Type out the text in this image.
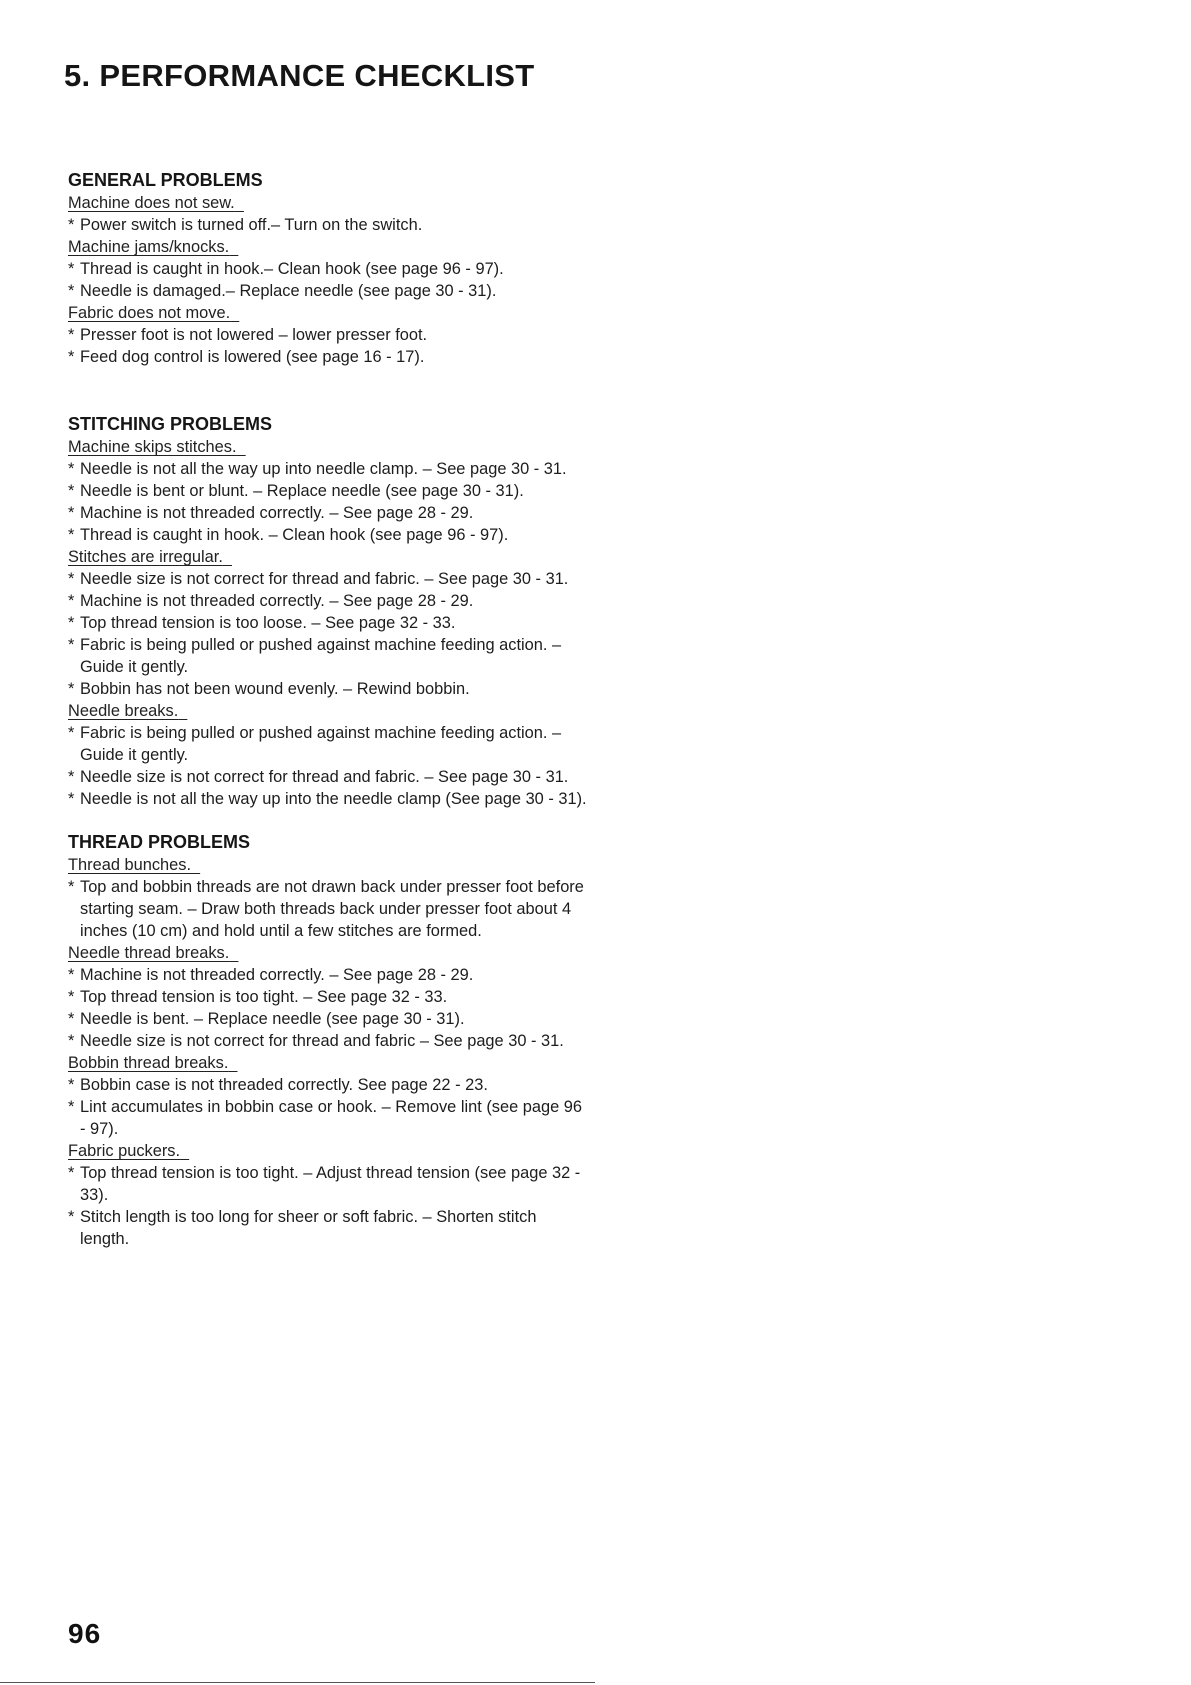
5. PERFORMANCE CHECKLIST
GENERAL PROBLEMS
Machine does not sew.
* Power switch is turned off.– Turn on the switch.
Machine jams/knocks.
* Thread is caught in hook.– Clean hook (see page 96 - 97).
* Needle is damaged.– Replace needle (see page 30 - 31).
Fabric does not move.
* Presser foot is not lowered – lower presser foot.
* Feed dog control is lowered (see page 16 - 17).
STITCHING PROBLEMS
Machine skips stitches.
* Needle is not all the way up into needle clamp. – See page 30 - 31.
* Needle is bent or blunt. – Replace needle (see page 30 - 31).
* Machine is not threaded correctly. – See page 28 - 29.
* Thread is caught in hook. – Clean hook (see page 96 - 97).
Stitches are irregular.
* Needle size is not correct for thread and fabric. – See page 30 - 31.
* Machine is not threaded correctly. – See page 28 - 29.
* Top thread tension is too loose. – See page 32 - 33.
* Fabric is being pulled or pushed against machine feeding action. – Guide it gently.
* Bobbin has not been wound evenly. – Rewind bobbin.
Needle breaks.
* Fabric is being pulled or pushed against machine feeding action. – Guide it gently.
* Needle size is not correct for thread and fabric. – See page 30 - 31.
* Needle is not all the way up into the needle clamp (See page 30 - 31).
THREAD PROBLEMS
Thread bunches.
* Top and bobbin threads are not drawn back under presser foot before starting seam. – Draw both threads back under presser foot about 4 inches (10 cm) and hold until a few stitches are formed.
Needle thread breaks.
* Machine is not threaded correctly. – See page 28 - 29.
* Top thread tension is too tight. – See page 32 - 33.
* Needle is bent. – Replace needle (see page 30 - 31).
* Needle size is not correct for thread and fabric – See page 30 - 31.
Bobbin thread breaks.
* Bobbin case is not threaded correctly. See page 22 - 23.
* Lint accumulates in bobbin case or hook. – Remove lint (see page 96 - 97).
Fabric puckers.
* Top thread tension is too tight. – Adjust thread tension (see page 32 - 33).
* Stitch length is too long for sheer or soft fabric. – Shorten stitch length.
96
